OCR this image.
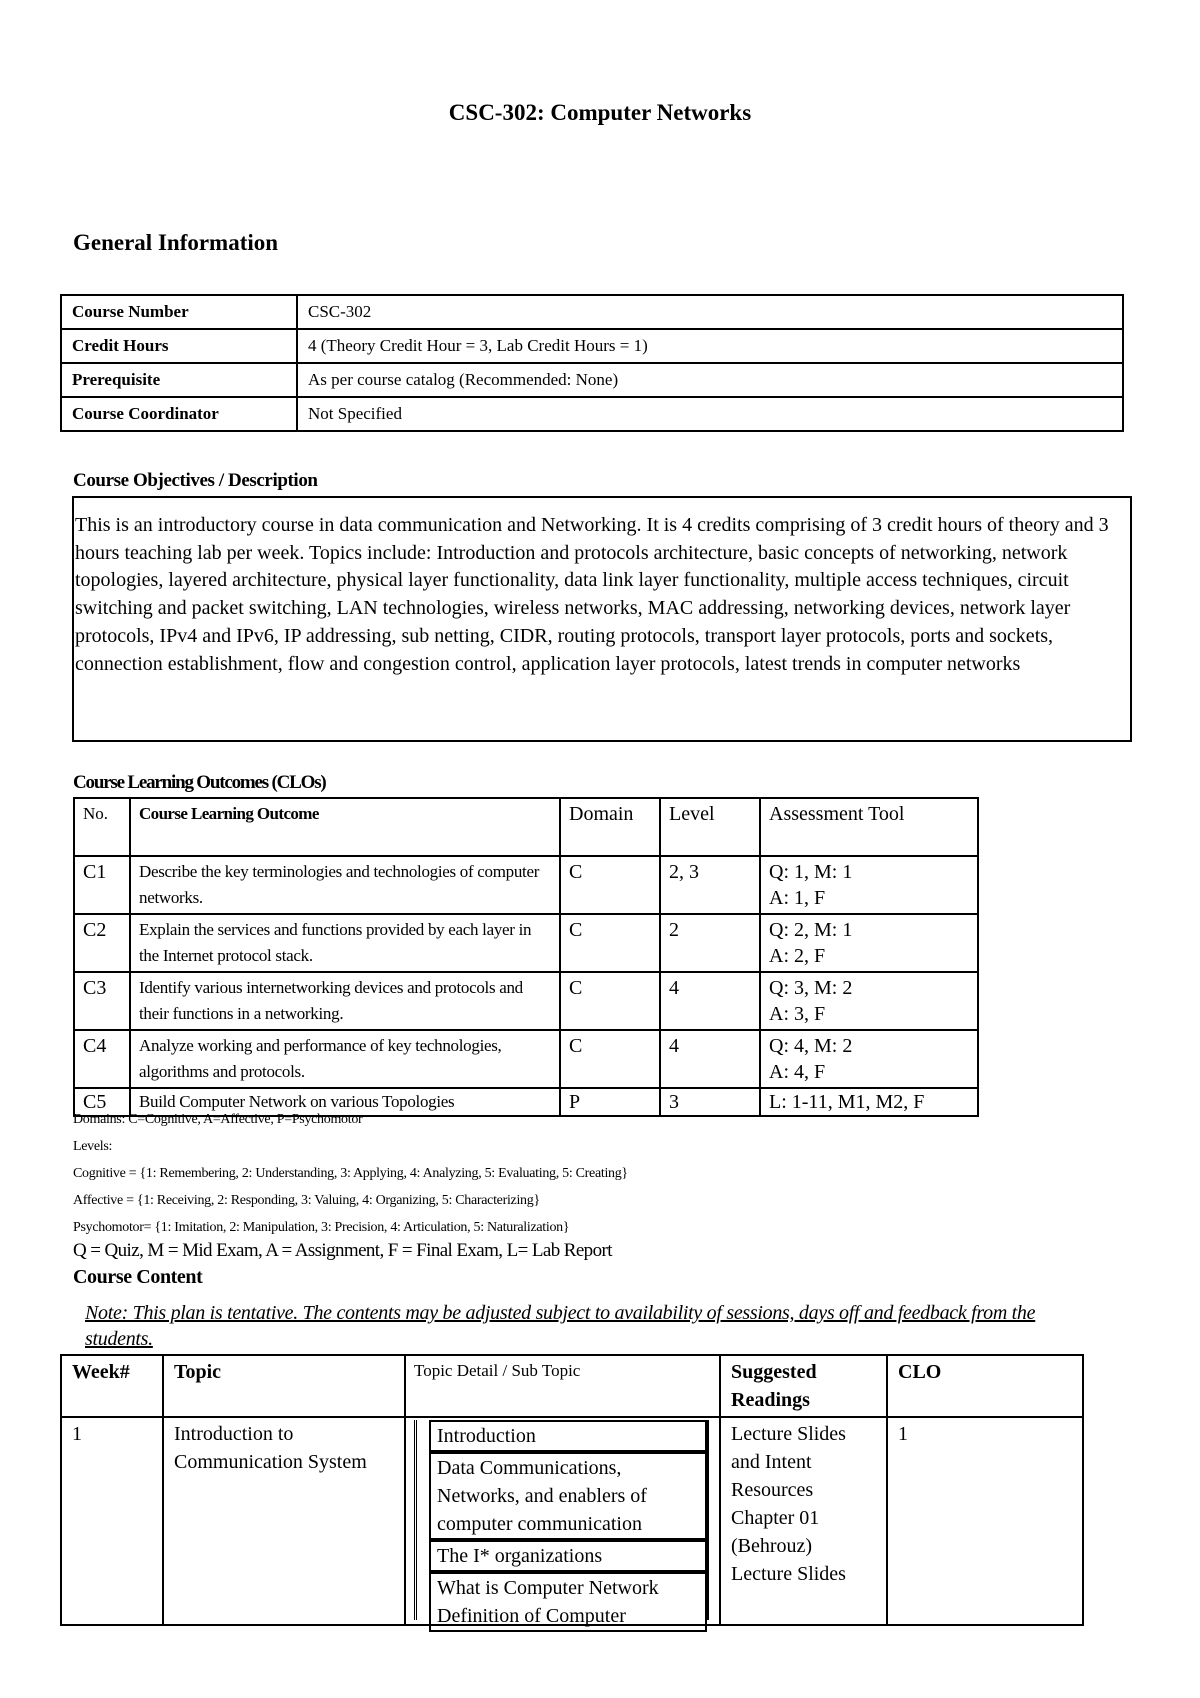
CSC-302: Computer Networks
General Information
Course Number	CSC-302
Credit Hours	4 (Theory Credit Hour = 3, Lab Credit Hours = 1)
Prerequisite	As per course catalog (Recommended: None)
Course Coordinator	Not Specified
Course Objectives / Description
This is an introductory course in data communication and Networking. It is 4 credits comprising of 3 credit hours of theory and 3 hours teaching lab per week. Topics include: Introduction and protocols architecture, basic concepts of networking, network topologies, layered architecture, physical layer functionality, data link layer functionality, multiple access techniques, circuit switching and packet switching, LAN technologies, wireless networks, MAC addressing, networking devices, network layer protocols, IPv4 and IPv6, IP addressing, sub netting, CIDR, routing protocols, transport layer protocols, ports and sockets, connection establishment, flow and congestion control, application layer protocols, latest trends in computer networks
Course Learning Outcomes (CLOs)
No.	Course Learning Outcome	Domain	Level	Assessment Tool
C1	Describe the key terminologies and technologies of computer networks.	C	2, 3	Q: 1, M: 1
A: 1, F

C2	Explain the services and functions provided by each layer in the Internet protocol stack.	C	2	Q: 2, M: 1
A: 2, F

C3	Identify various internetworking devices and protocols and their functions in a networking.	C	4	Q: 3, M: 2
A: 3, F

C4	Analyze working and performance of key technologies, algorithms and protocols.	C	4	Q: 4, M: 2
A: 4, F

C5	Build Computer Network on various Topologies	P	3	L: 1-11, M1, M2, F
Domains: C=Cognitive, A=Affective, P=Psychomotor
Levels:
Cognitive = {1: Remembering, 2: Understanding, 3: Applying, 4: Analyzing, 5: Evaluating, 5: Creating}
Affective = {1: Receiving, 2: Responding, 3: Valuing, 4: Organizing, 5: Characterizing}
Psychomotor= {1: Imitation, 2: Manipulation, 3: Precision, 4: Articulation, 5: Naturalization}
Q = Quiz, M = Mid Exam, A = Assignment, F = Final Exam, L= Lab Report
Course Content
Note: This plan is tentative. The contents may be adjusted subject to availability of sessions, days off and feedback from the students.
Week#	Topic	Topic Detail / Sub Topic	Suggested Readings	CLO
1	Introduction to Communication System	Introduction
Data Communications, Networks, and enablers of computer communication
The I* organizations
What is Computer Network Definition of Computer	Lecture Slides and Intent Resources Chapter 01 (Behrouz) Lecture Slides	1
